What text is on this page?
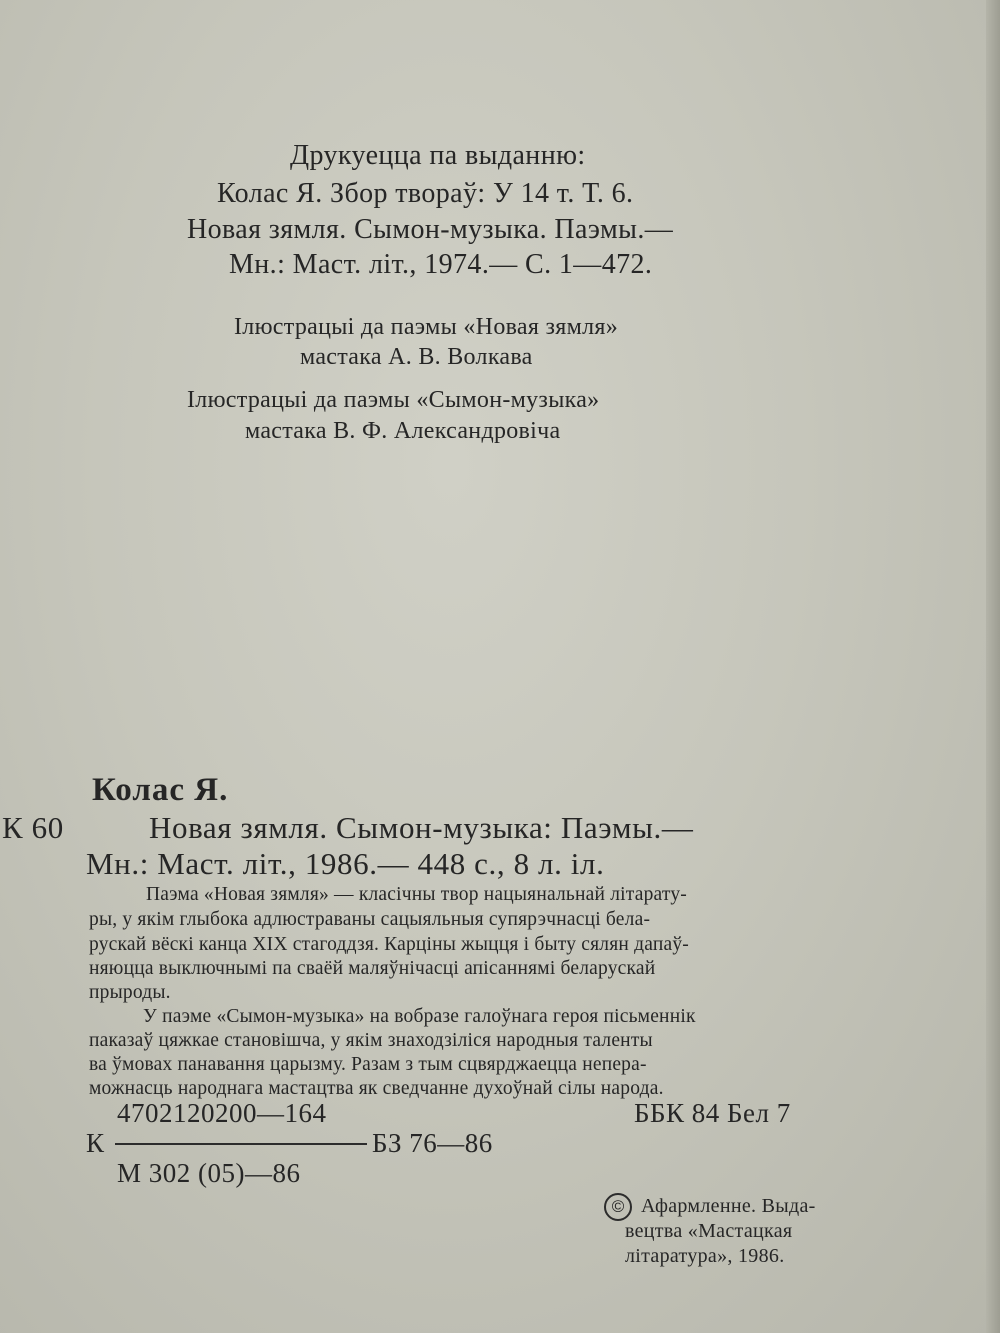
Друкуецца па выданню:
Колас Я. Збор твораў: У 14 т. Т. 6.
Новая зямля. Сымон-музыка. Паэмы.—
Мн.: Маст. літ., 1974.— С. 1—472.
Ілюстрацыі да паэмы «Новая зямля»
мастака А. В. Волкава
Ілюстрацыі да паэмы «Сымон-музыка»
мастака В. Ф. Александровіча
Колас Я.
К 60	Новая зямля. Сымон-музыка: Паэмы.—
Мн.: Маст. літ., 1986.— 448 с., 8 л. іл.
Паэма «Новая зямля» — класічны твор нацыянальнай літарату-
ры, у якім глыбока адлюстраваны сацыяльныя супярэчнасці бела-
рускай вёскі канца XIX стагоддзя. Карціны жыцця і быту сялян дапаў-
няюцца выключнымі па сваёй маляўнічасці апісаннямі беларускай
прыроды.
У паэме «Сымон-музыка» на вобразе галоўнага героя пісьменнік
паказаў цяжкае становішча, у якім знаходзіліся народныя таленты
ва ўмовах панавання царызму. Разам з тым сцвярджаецца непера-
можнасць народнага мастацтва як сведчанне духоўнай сілы народа.
4702120200—164	ББК 84 Бел 7
К	БЗ 76—86
М 302 (05)—86
© Афармленне. Выда-
вецтва «Мастацкая
літаратура», 1986.
